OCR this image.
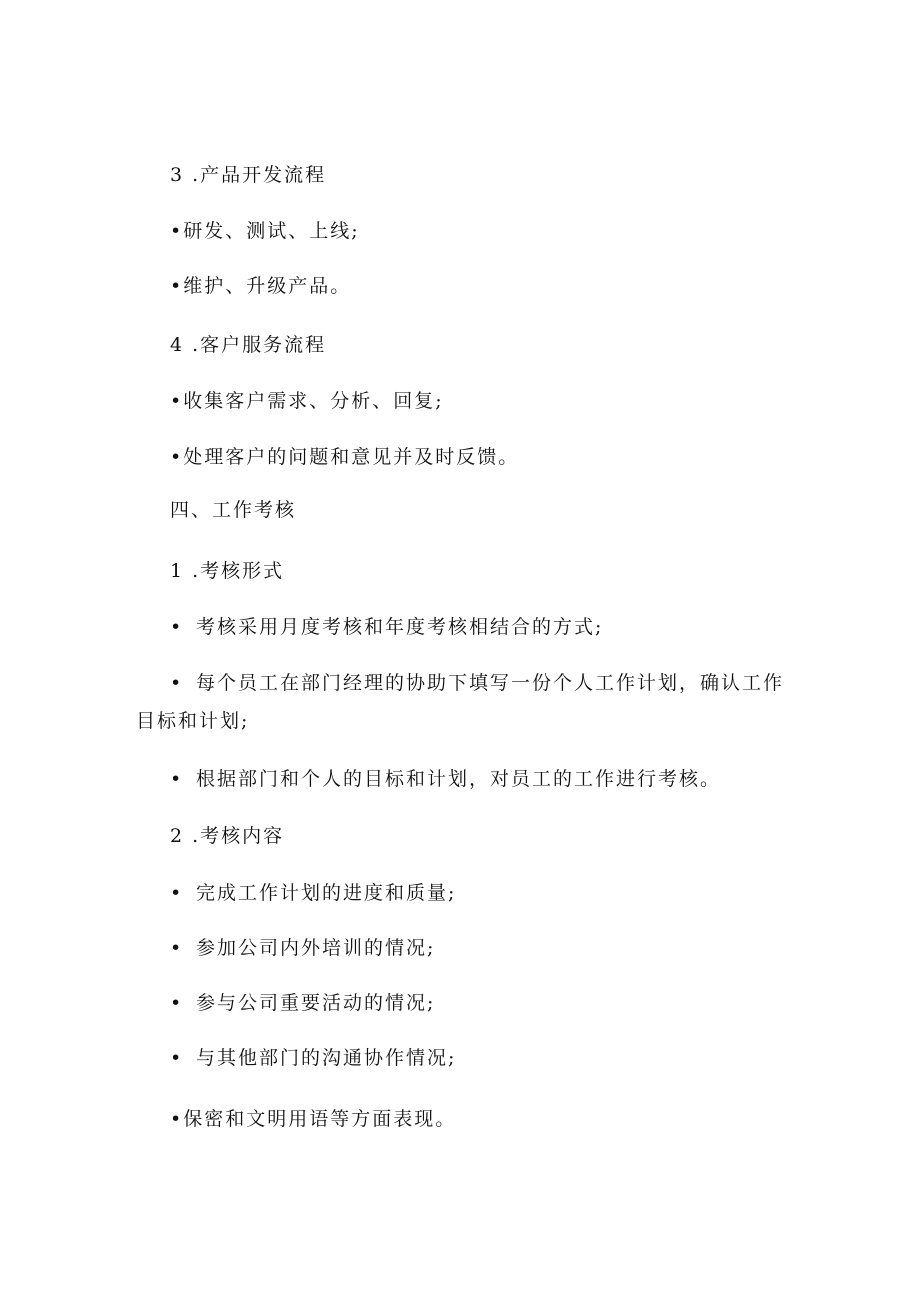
3 .产品开发流程
•研发、测试、上线;
•维护、升级产品。
4 .客户服务流程
•收集客户需求、分析、回复;
•处理客户的问题和意见并及时反馈。
四、工作考核
1 .考核形式
• 考核采用月度考核和年度考核相结合的方式;
• 每个员工在部门经理的协助下填写一份个人工作计划，确认工作目标和计划;
• 根据部门和个人的目标和计划，对员工的工作进行考核。
2 .考核内容
• 完成工作计划的进度和质量;
• 参加公司内外培训的情况;
• 参与公司重要活动的情况;
• 与其他部门的沟通协作情况;
•保密和文明用语等方面表现。
